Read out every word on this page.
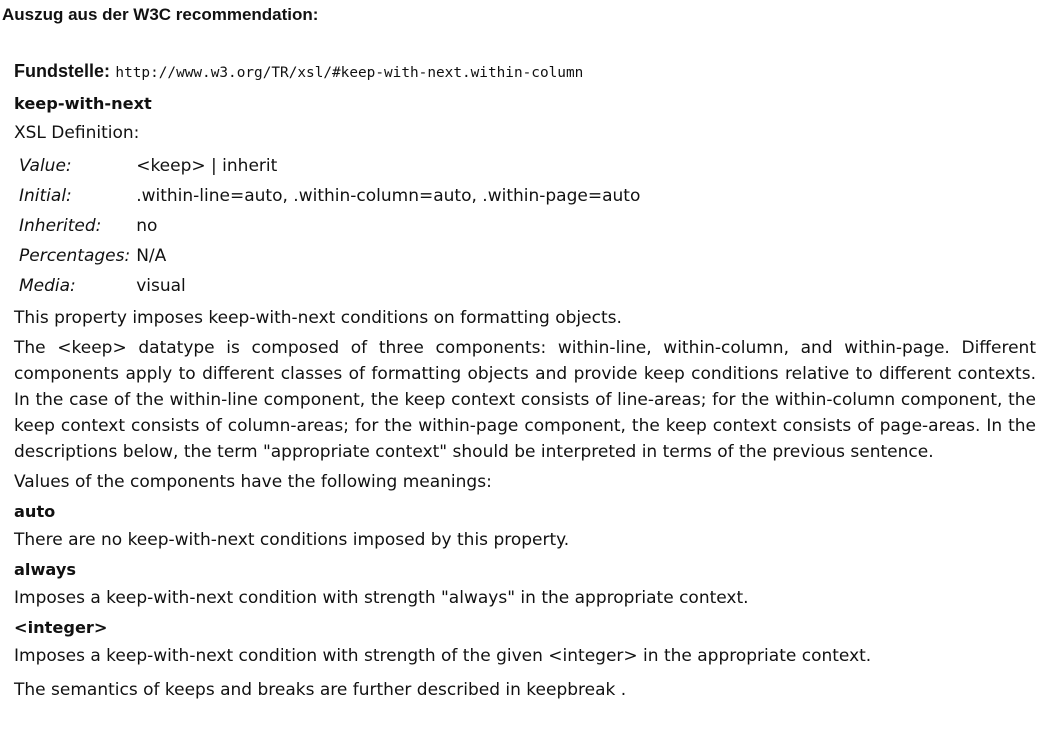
Auszug aus der W3C recommendation:
Fundstelle: http://www.w3.org/TR/xsl/#keep-with-next.within-column
keep-with-next
XSL Definition:
Value:	<keep> | inherit
Initial:	.within-line=auto, .within-column=auto, .within-page=auto
Inherited:	no
Percentages:	N/A
Media:	visual

This property imposes keep-with-next conditions on formatting objects.

The <keep> datatype is composed of three components: within-line, within-column, and within-page. Different components apply to different classes of formatting objects and provide keep conditions relative to different contexts. In the case of the within-line component, the keep context consists of line-areas; for the within-column component, the keep context consists of column-areas; for the within-page component, the keep context consists of page-areas. In the descriptions below, the term "appropriate context" should be interpreted in terms of the previous sentence.

Values of the components have the following meanings:

auto

There are no keep-with-next conditions imposed by this property.

always

Imposes a keep-with-next condition with strength "always" in the appropriate context.

<integer>

Imposes a keep-with-next condition with strength of the given <integer> in the appropriate context.

The semantics of keeps and breaks are further described in keepbreak .
